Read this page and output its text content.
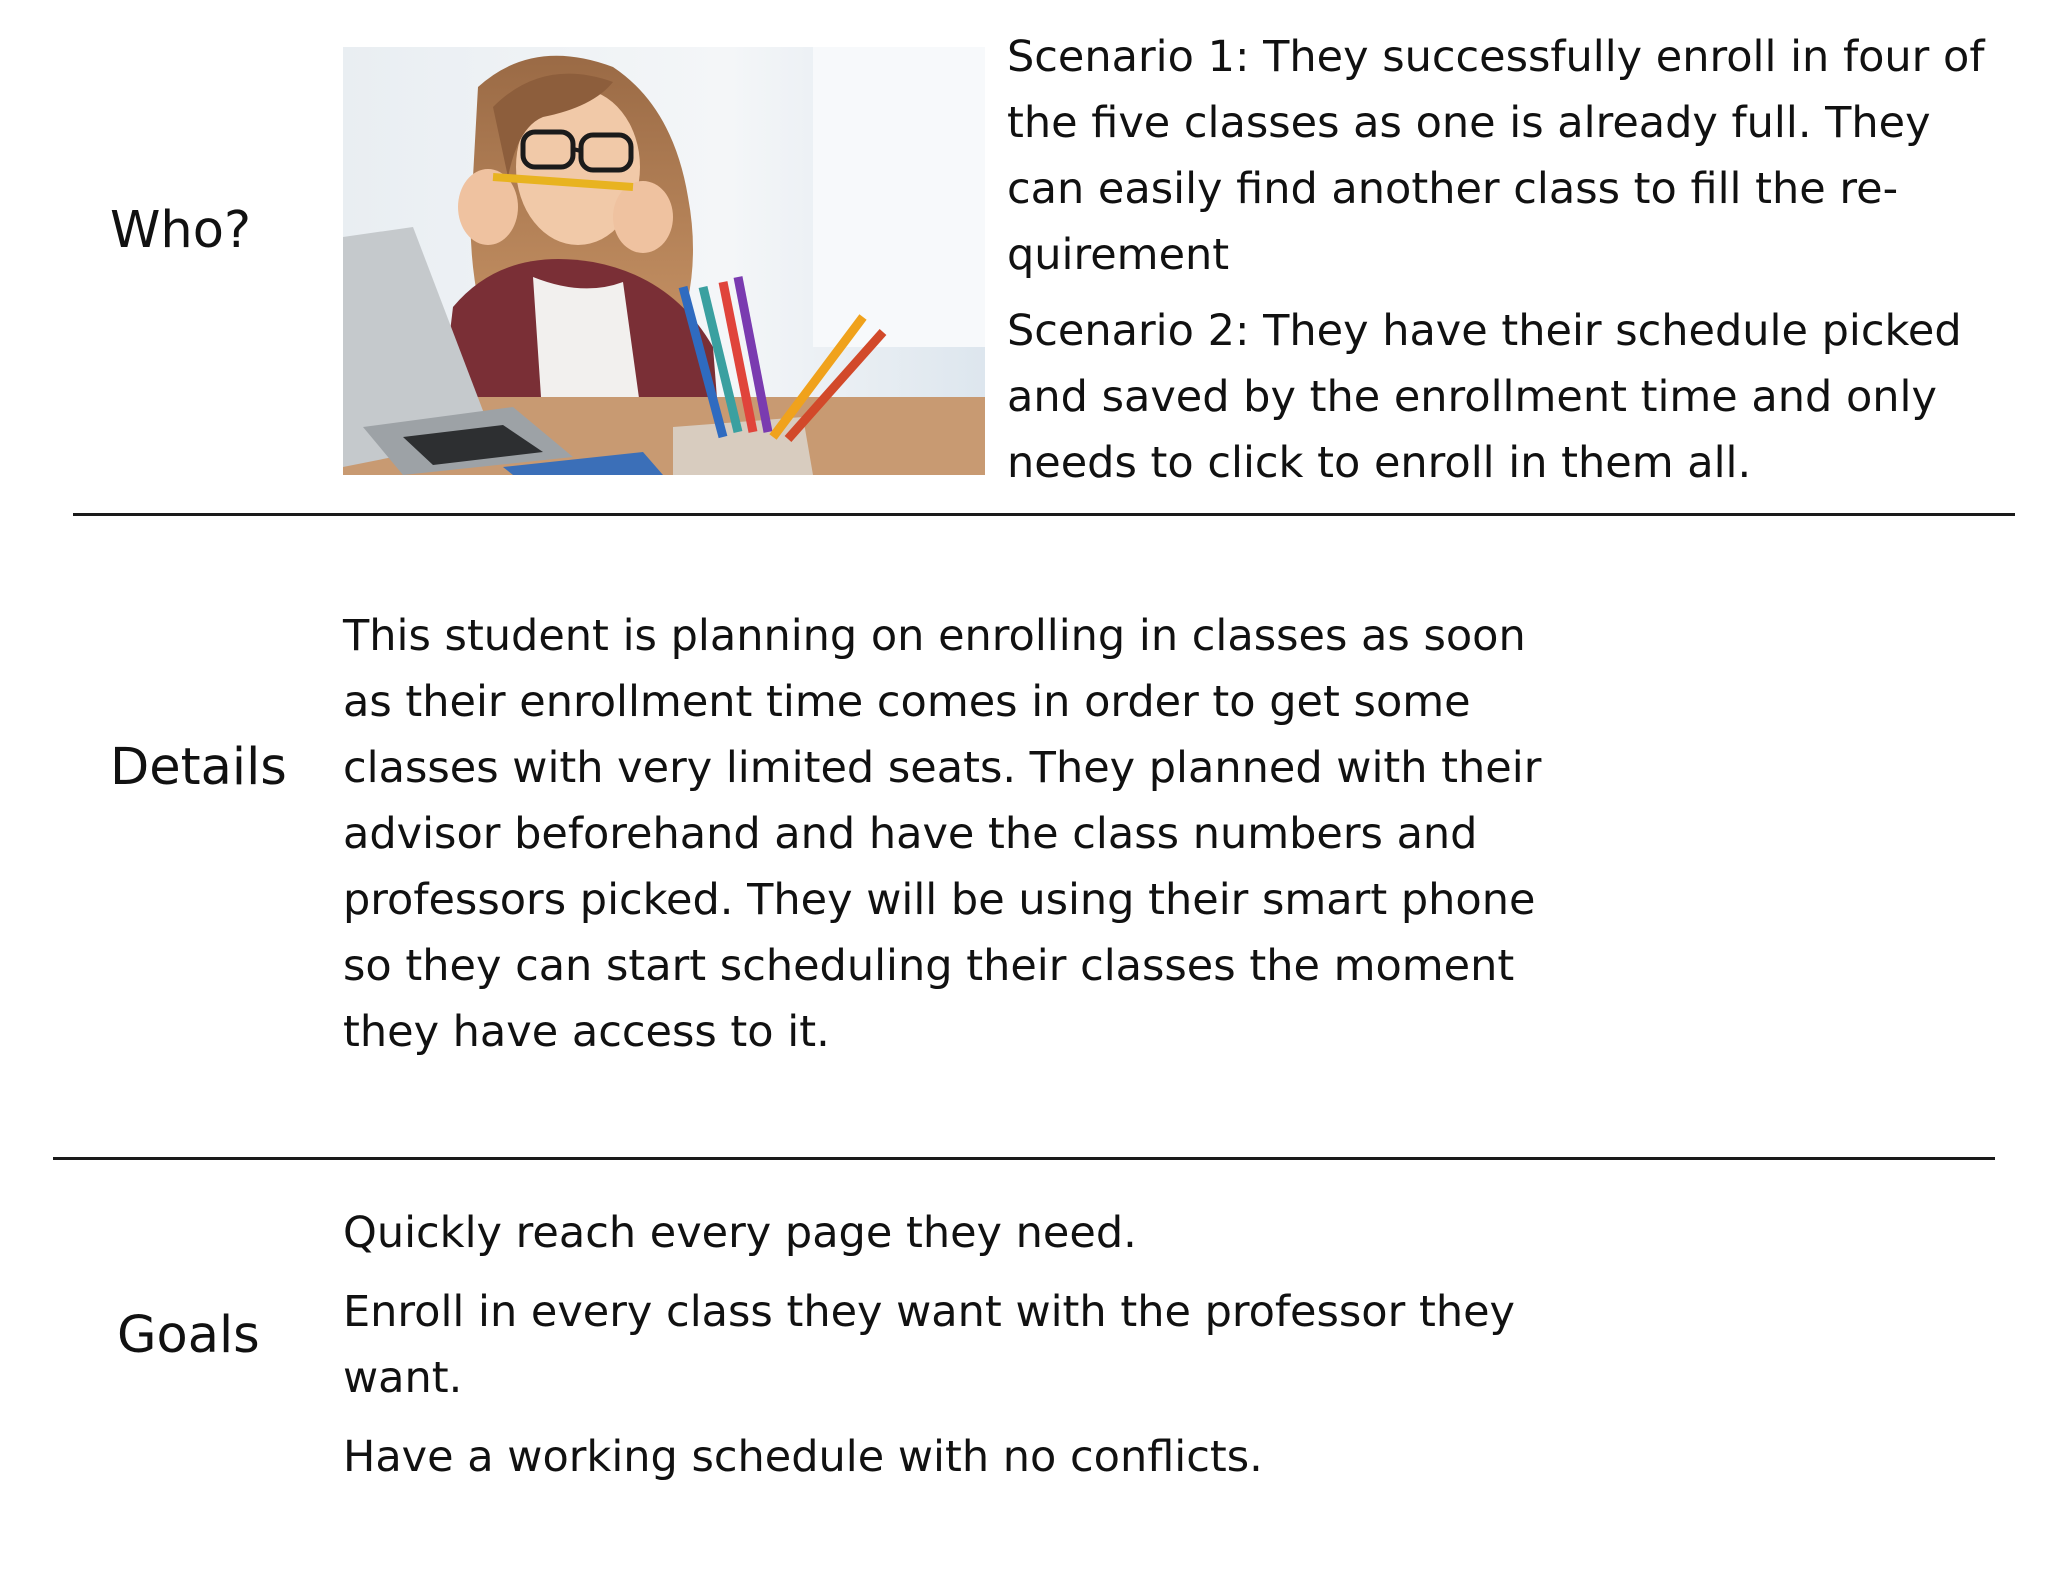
Who?

Scenario 1: They successfully enroll in four of the five classes as one is already full. They can easily find another class to fill the re-quirement

Scenario 2: They have their schedule picked and saved by the enrollment time and only needs to click to enroll in them all.

Details
This student is planning on enrolling in classes as soon as their enrollment time comes in order to get some classes with very limited seats. They planned with their advisor beforehand and have the class numbers and professors picked. They will be using their smart phone so they can start scheduling their classes the moment they have access to it.
Goals

Quickly reach every page they need.

Enroll in every class they want with the professor they want.

Have a working schedule with no conflicts.
